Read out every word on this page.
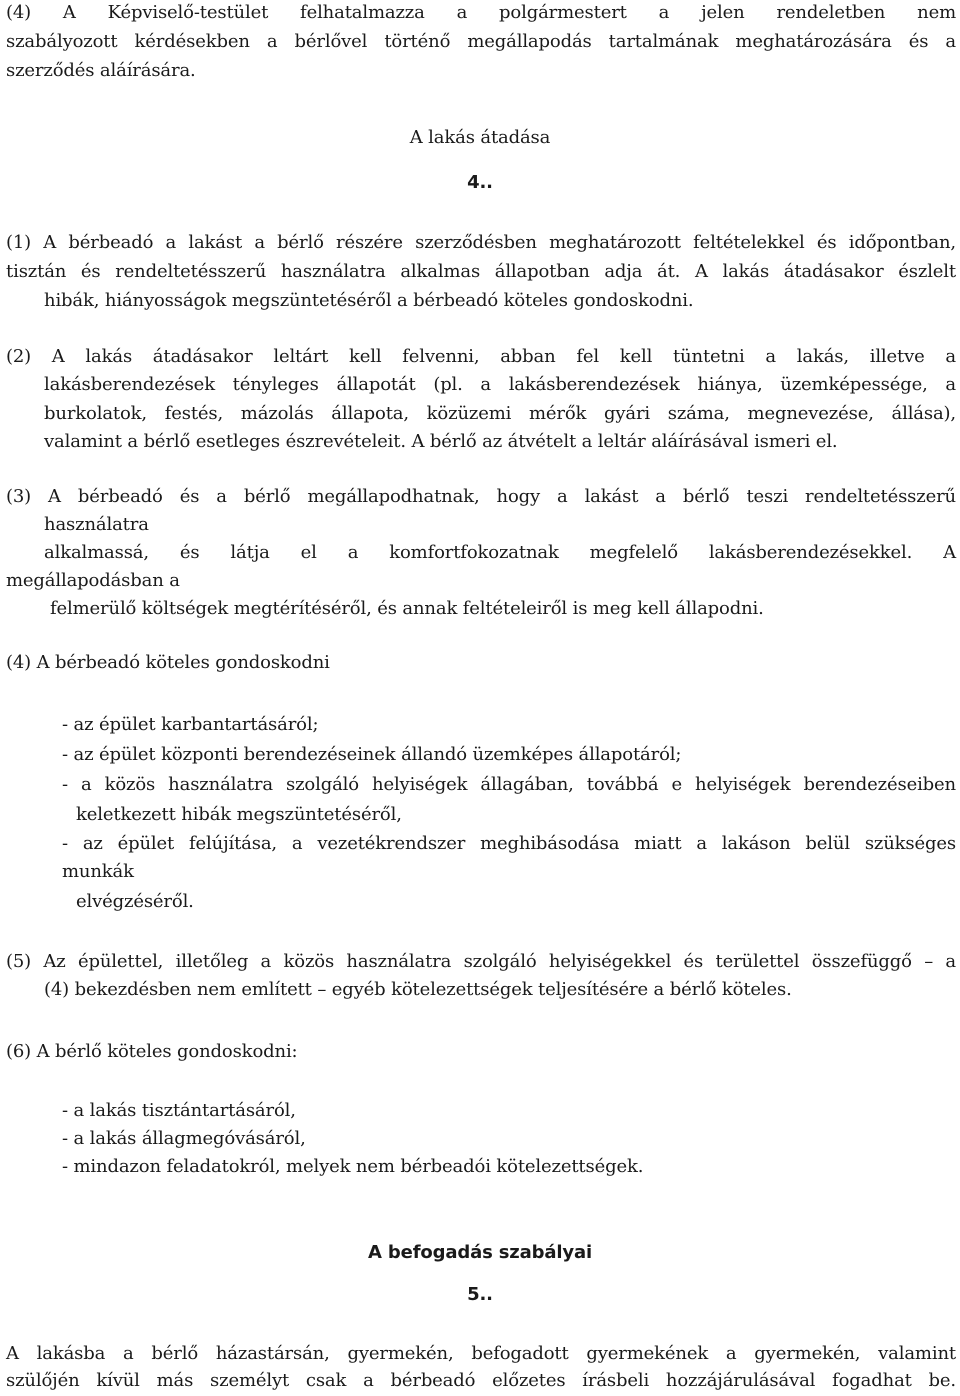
(4) A Képviselő-testület felhatalmazza a polgármestert a jelen rendeletben nem
szabályozott kérdésekben a bérlővel történő megállapodás tartalmának meghatározására és a
szerződés aláírására.
A lakás átadása
4..
(1) A bérbeadó a lakást a bérlő részére szerződésben meghatározott feltételekkel és időpontban,
tisztán és rendeltetésszerű használatra alkalmas állapotban adja át. A lakás átadásakor észlelt
hibák, hiányosságok megszüntetéséről a bérbeadó köteles gondoskodni.
(2) A lakás átadásakor leltárt kell felvenni, abban fel kell tüntetni a lakás, illetve a
lakásberendezések tényleges állapotát (pl. a lakásberendezések hiánya, üzemképessége, a
burkolatok, festés, mázolás állapota, közüzemi mérők gyári száma, megnevezése, állása),
valamint a bérlő esetleges észrevételeit. A bérlő az átvételt a leltár aláírásával ismeri el.
(3) A bérbeadó és a bérlő megállapodhatnak, hogy a lakást a bérlő teszi rendeltetésszerű
használatra
alkalmassá, és látja el a komfortfokozatnak megfelelő lakásberendezésekkel. A
megállapodásban a
felmerülő költségek megtérítéséről, és annak feltételeiről is meg kell állapodni.
(4) A bérbeadó köteles gondoskodni
- az épület karbantartásáról;
- az épület központi berendezéseinek állandó üzemképes állapotáról;
- a közös használatra szolgáló helyiségek állagában, továbbá e helyiségek berendezéseiben
keletkezett hibák megszüntetéséről,
- az épület felújítása, a vezetékrendszer meghibásodása miatt a lakáson belül szükséges
munkák
elvégzéséről.
(5) Az épülettel, illetőleg a közös használatra szolgáló helyiségekkel és területtel összefüggő – a
(4) bekezdésben nem említett – egyéb kötelezettségek teljesítésére a bérlő köteles.
(6) A bérlő köteles gondoskodni:
- a lakás tisztántartásáról,
- a lakás állagmegóvásáról,
- mindazon feladatokról, melyek nem bérbeadói kötelezettségek.
A befogadás szabályai
5..
A lakásba a bérlő házastársán, gyermekén, befogadott gyermekének a gyermekén, valamint
szülőjén kívül más személyt csak a bérbeadó előzetes írásbeli hozzájárulásával fogadhat be.
